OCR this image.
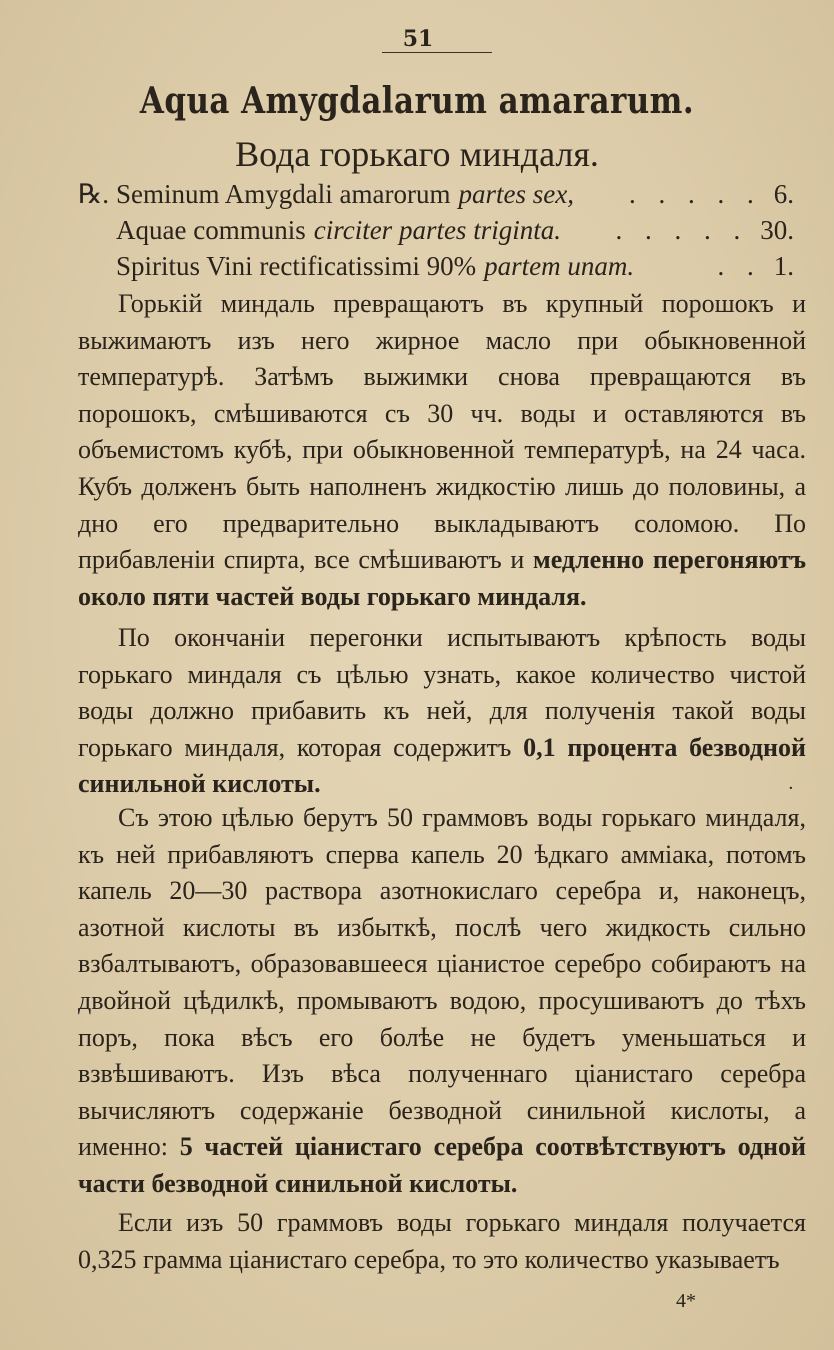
51
Aqua Amygdalarum amararum.
Вода горькаго миндаля.
℞. Seminum Amygdali amarorum partes sex,	. . . . . 6.
Aquae communis circiter partes triginta.	. . . . . 30.
Spiritus Vini rectificatissimi 90% partem unam.	. . 1.

Горькій миндаль превращаютъ въ крупный порошокъ и выжимаютъ изъ него жирное масло при обыкновенной температурѣ. Затѣмъ выжимки снова превращаются въ порошокъ, смѣшиваются съ 30 чч. воды и оставляются въ объемистомъ кубѣ, при обыкновенной температурѣ, на 24 часа. Кубъ долженъ быть наполненъ жидкостію лишь до половины, а дно его предварительно выкладываютъ соломою. По прибавленіи спирта, все смѣшиваютъ и медленно перегоняютъ около пяти частей воды горькаго миндаля.

По окончаніи перегонки испытываютъ крѣпость воды горькаго миндаля съ цѣлью узнать, какое количество чистой воды должно прибавить къ ней, для полученія такой воды горькаго миндаля, которая содержитъ 0,1 процента безводной синильной кислоты.	·

Съ этою цѣлью берутъ 50 граммовъ воды горькаго миндаля, къ ней прибавляютъ сперва капель 20 ѣдкаго амміака, потомъ капель 20—30 раствора азотнокислаго серебра и, наконецъ, азотной кислоты въ избыткѣ, послѣ чего жидкость сильно взбалтываютъ, образовавшееся ціанистое серебро собираютъ на двойной цѣдилкѣ, промываютъ водою, просушиваютъ до тѣхъ поръ, пока вѣсъ его болѣе не будетъ уменьшаться и взвѣшиваютъ. Изъ вѣса полученнаго ціанистаго серебра вычисляютъ содержаніе безводной синильной кислоты, а именно: 5 частей ціанистаго серебра соотвѣтствуютъ одной части безводной синильной кислоты.

Если изъ 50 граммовъ воды горькаго миндаля получается 0,325 грамма ціанистаго серебра, то это количество указываетъ

4*
